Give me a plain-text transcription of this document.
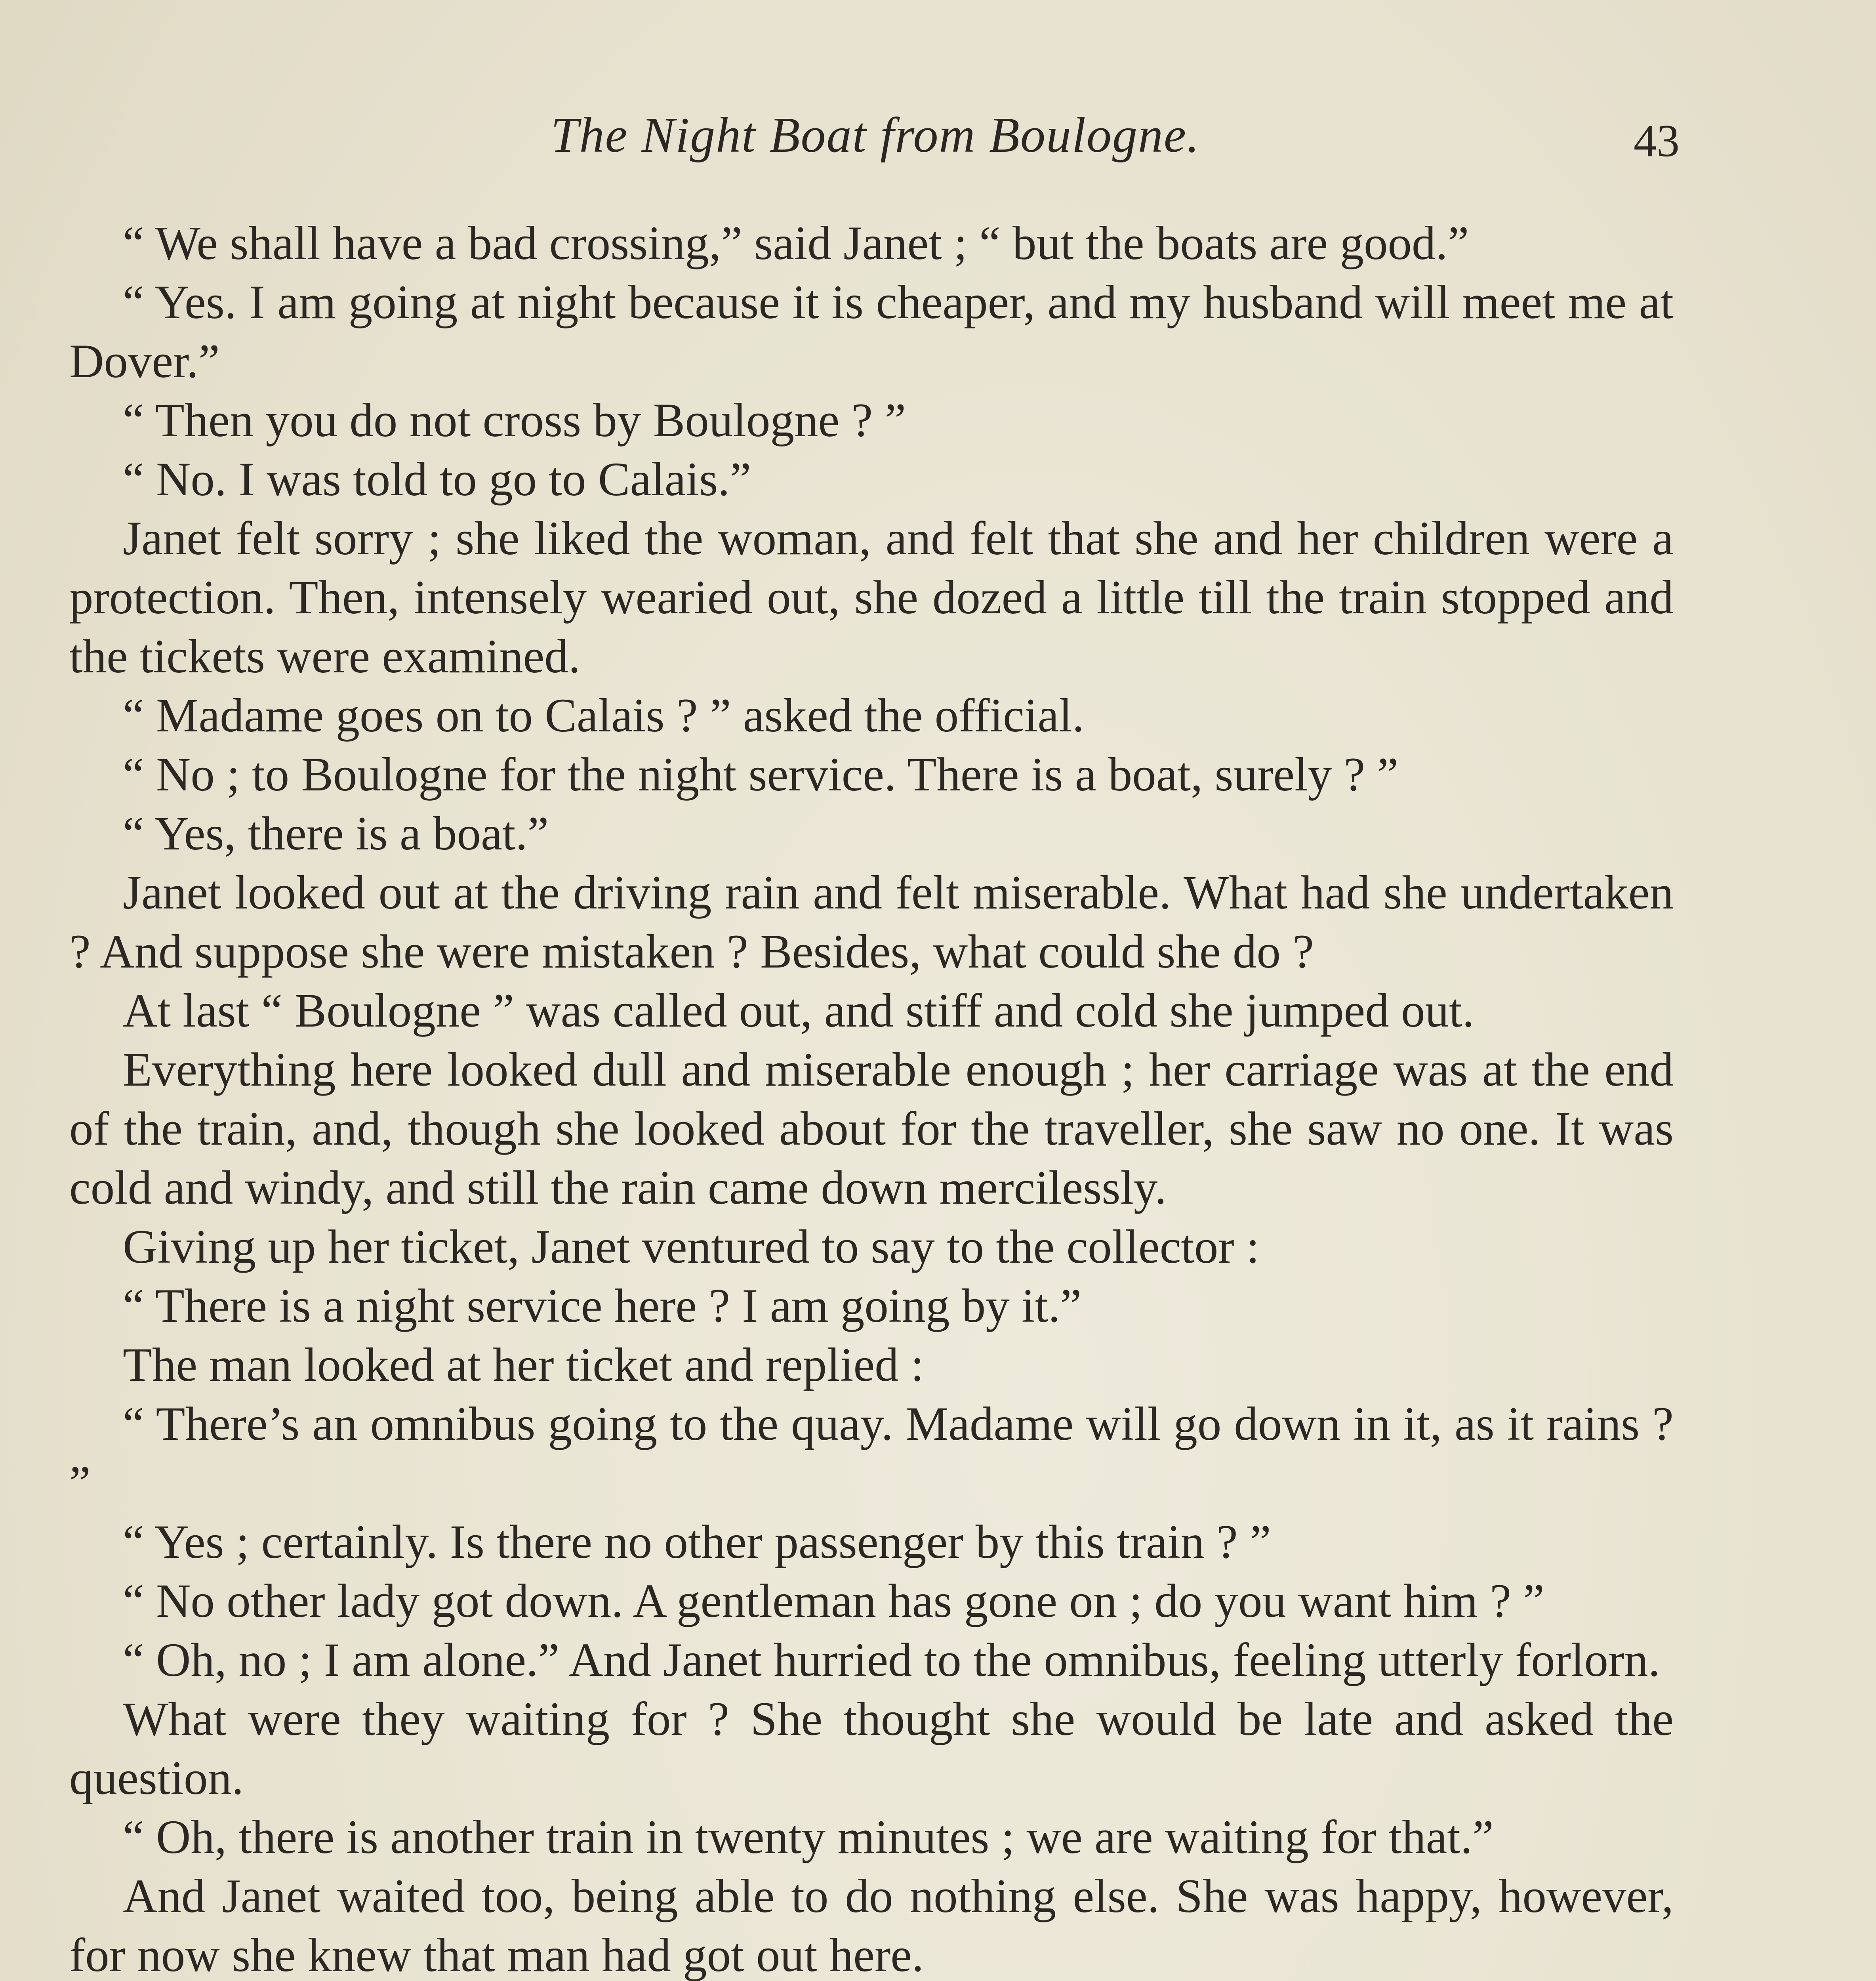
The Night Boat from Boulogne.	43

“ We shall have a bad crossing,” said Janet ; “ but the boats are good.”

“ Yes. I am going at night because it is cheaper, and my husband will meet me at Dover.”

“ Then you do not cross by Boulogne ? ”

“ No. I was told to go to Calais.”

Janet felt sorry ; she liked the woman, and felt that she and her children were a protection. Then, intensely wearied out, she dozed a little till the train stopped and the tickets were examined.

“ Madame goes on to Calais ? ” asked the official.

“ No ; to Boulogne for the night service. There is a boat, surely ? ”

“ Yes, there is a boat.”

Janet looked out at the driving rain and felt miserable. What had she undertaken ? And suppose she were mistaken ? Besides, what could she do ?

At last “ Boulogne ” was called out, and stiff and cold she jumped out.

Everything here looked dull and miserable enough ; her carriage was at the end of the train, and, though she looked about for the traveller, she saw no one. It was cold and windy, and still the rain came down mercilessly.

Giving up her ticket, Janet ventured to say to the collector :

“ There is a night service here ? I am going by it.”

The man looked at her ticket and replied :

“ There’s an omnibus going to the quay. Madame will go down in it, as it rains ? ”

“ Yes ; certainly. Is there no other passenger by this train ? ”

“ No other lady got down. A gentleman has gone on ; do you want him ? ”

“ Oh, no ; I am alone.” And Janet hurried to the omnibus, feeling utterly forlorn.

What were they waiting for ? She thought she would be late and asked the question.

“ Oh, there is another train in twenty minutes ; we are waiting for that.”

And Janet waited too, being able to do nothing else. She was happy, however, for now she knew that man had got out here.
